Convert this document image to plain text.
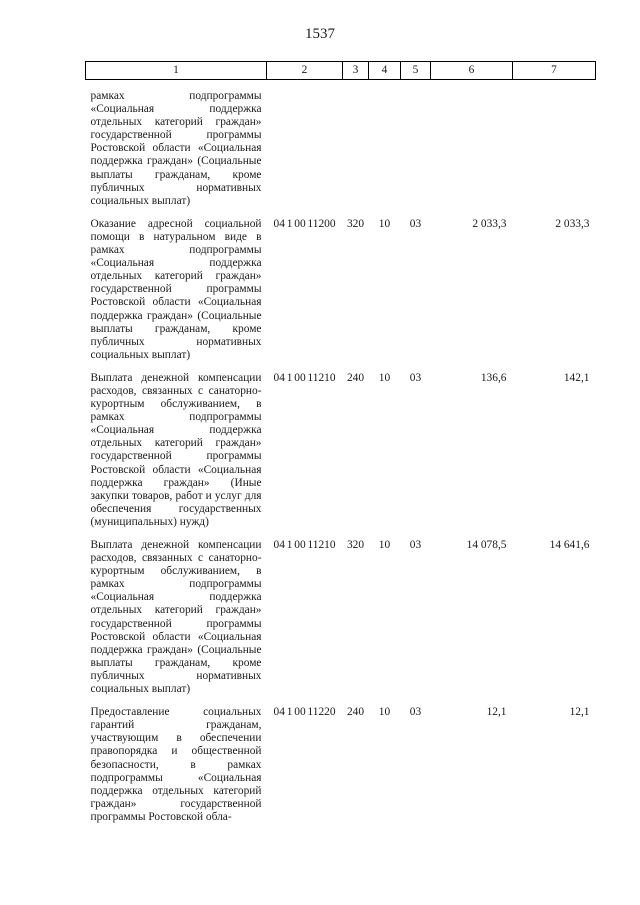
1537
1	2	3	4	5	6	7

рамках подпрограммы «Социальная поддержка отдельных категорий граждан» государственной программы Ростовской области «Социальная поддержка граждан» (Социальные выплаты гражданам, кроме публичных нормативных социальных выплат)						

Оказание адресной социальной помощи в натуральном виде в рамках подпрограммы «Социальная поддержка отдельных категорий граждан» государственной программы Ростовской области «Социальная поддержка граждан» (Социальные выплаты гражданам, кроме публичных нормативных социальных выплат)	04 1 00 11200	320	10	03	2 033,3	2 033,3

Выплата денежной компенсации расходов, связанных с санаторно-курортным обслуживанием, в рамках подпрограммы «Социальная поддержка отдельных категорий граждан» государственной программы Ростовской области «Социальная поддержка граждан» (Иные закупки товаров, работ и услуг для обеспечения государственных (муниципальных) нужд)	04 1 00 11210	240	10	03	136,6	142,1

Выплата денежной компенсации расходов, связанных с санаторно-курортным обслуживанием, в рамках подпрограммы «Социальная поддержка отдельных категорий граждан» государственной программы Ростовской области «Социальная поддержка граждан» (Социальные выплаты гражданам, кроме публичных нормативных социальных выплат)	04 1 00 11210	320	10	03	14 078,5	14 641,6

Предоставление социальных гарантий гражданам, участвующим в обеспечении правопорядка и общественной безопасности, в рамках подпрограммы «Социальная поддержка отдельных категорий граждан» государственной программы Ростовской обла-	04 1 00 11220	240	10	03	12,1	12,1
